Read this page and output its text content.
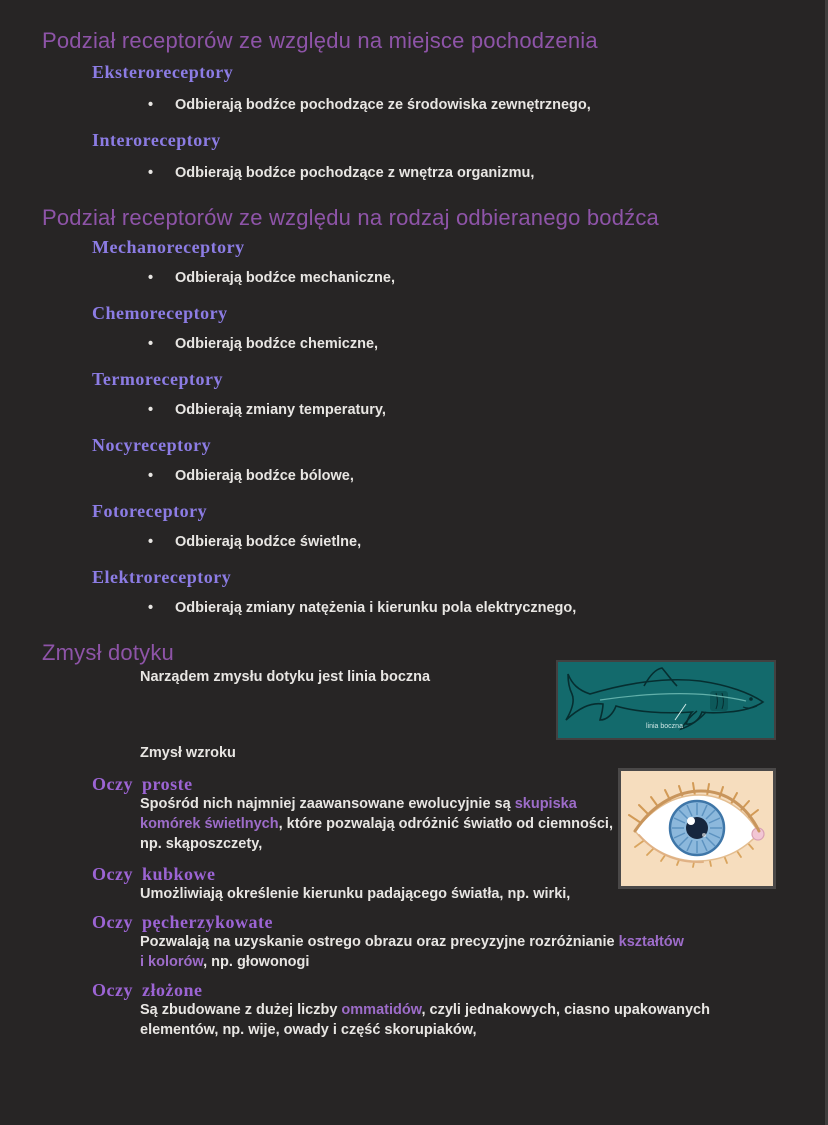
Podział receptorów ze względu na miejsce pochodzenia
Eksteroreceptory
•
Odbierają bodźce pochodzące ze środowiska zewnętrznego,
Interoreceptory
•
Odbierają bodźce pochodzące z wnętrza organizmu,
Podział receptorów ze względu na rodzaj odbieranego bodźca
Mechanoreceptory
•
Odbierają bodźce mechaniczne,
Chemoreceptory
•
Odbierają bodźce chemiczne,
Termoreceptory
•
Odbierają zmiany temperatury,
Nocyreceptory
•
Odbierają bodźce bólowe,
Fotoreceptory
•
Odbierają bodźce świetlne,
Elektroreceptory
•
Odbierają zmiany natężenia i kierunku pola elektrycznego,
Zmysł dotyku
Narządem zmysłu dotyku jest linia boczna
Zmysł wzroku
Oczy proste
Spośród nich najmniej zaawansowane ewolucyjnie są skupiska
komórek świetlnych, które pozwalają odróżnić światło od ciemności,
np. skąposzczety,
Oczy kubkowe
Umożliwiają określenie kierunku padającego światła, np. wirki,
Oczy pęcherzykowate
Pozwalają na uzyskanie ostrego obrazu oraz precyzyjne rozróżnianie kształtów
i kolorów, np. głowonogi
Oczy złożone
Są zbudowane z dużej liczby ommatidów, czyli jednakowych, ciasno upakowanych
elementów, np. wije, owady i część skorupiaków,
linia boczna
